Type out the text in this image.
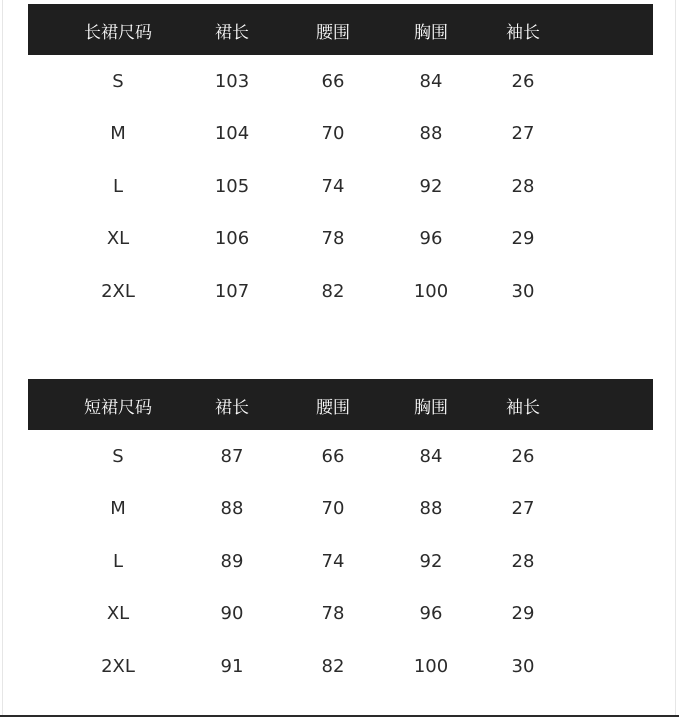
长裙尺码	裙长	腰围	胸围	袖长
S	103	66	84	26
M	104	70	88	27
L	105	74	92	28
XL	106	78	96	29
2XL	107	82	100	30
短裙尺码	裙长	腰围	胸围	袖长
S	87	66	84	26
M	88	70	88	27
L	89	74	92	28
XL	90	78	96	29
2XL	91	82	100	30
